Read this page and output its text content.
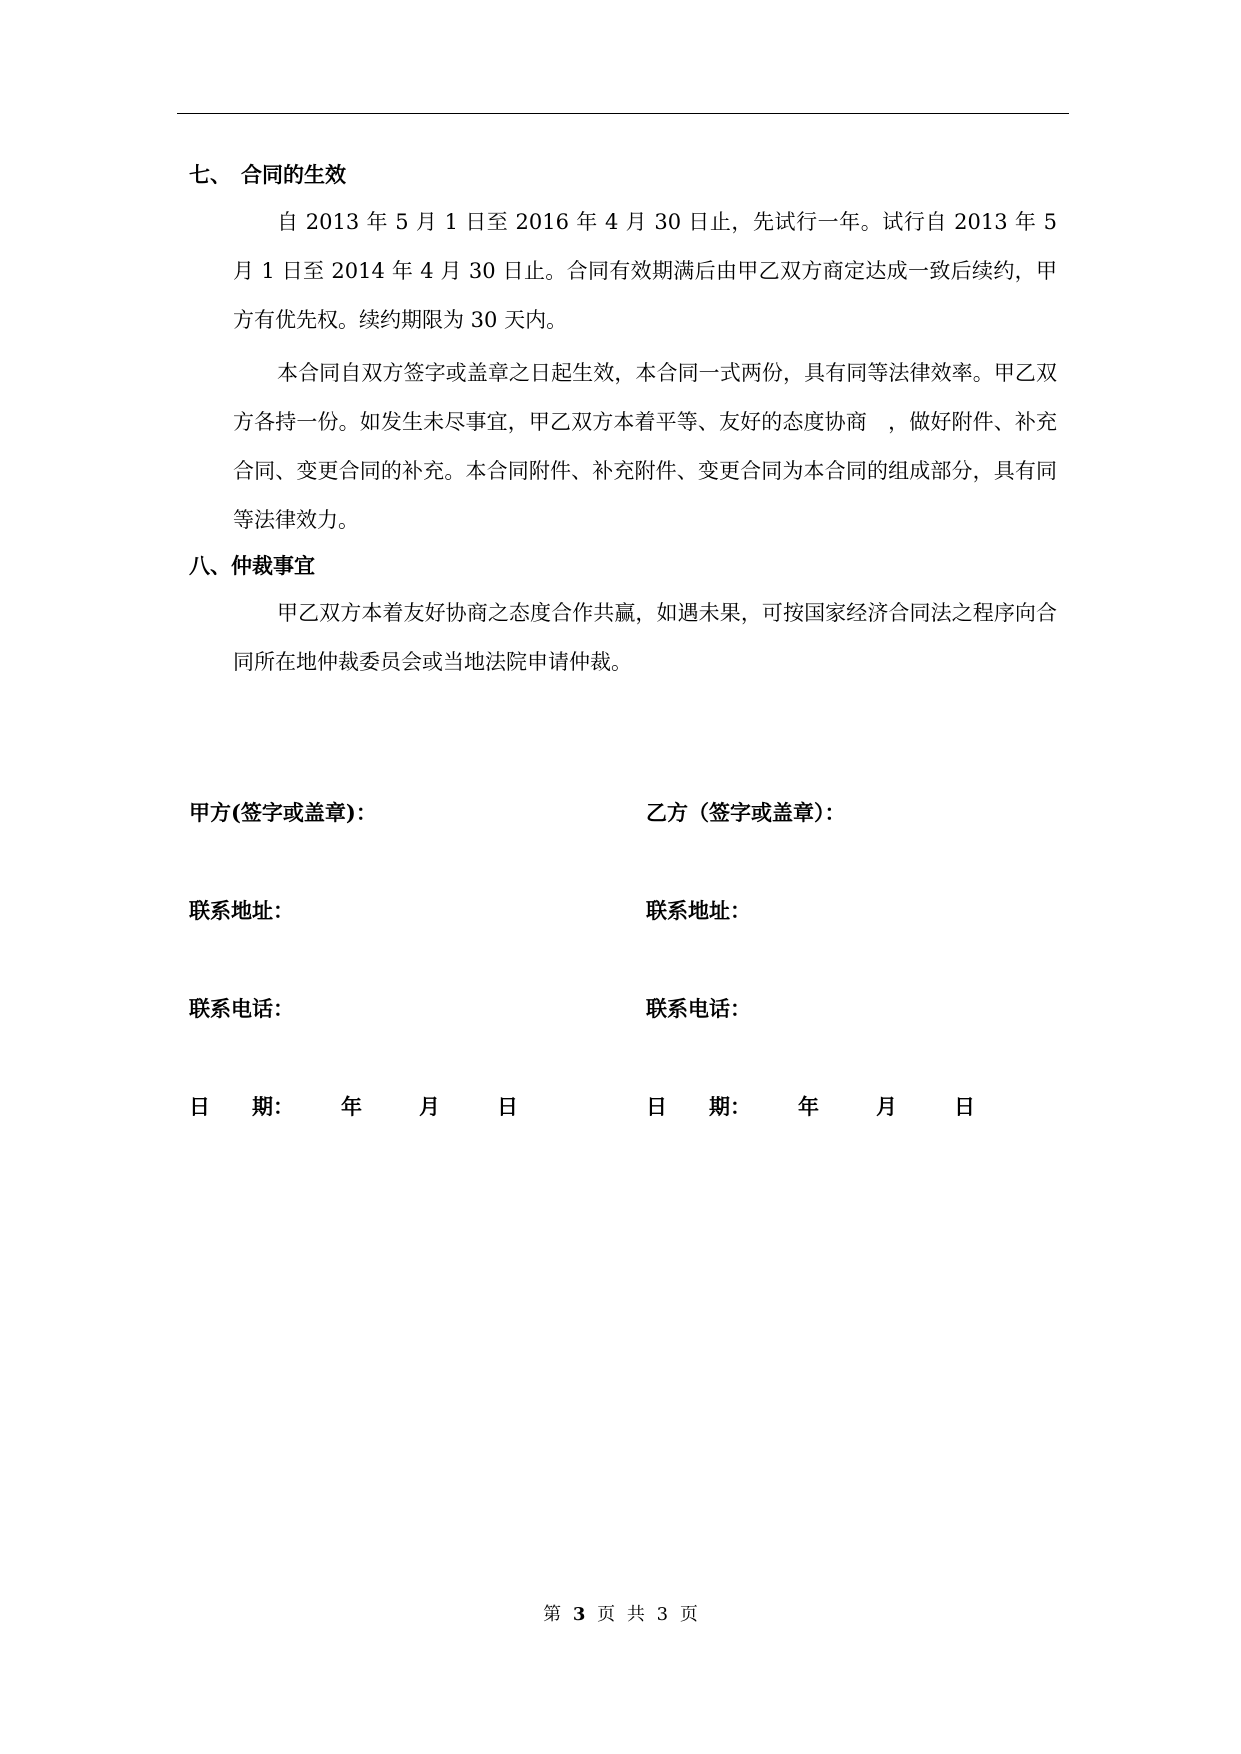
七、 合同的生效

自 2013 年 5 月 1 日至 2016 年 4 月 30 日止，先试行一年。试行自 2013 年 5 月 1 日至 2014 年 4 月 30 日止。合同有效期满后由甲乙双方商定达成一致后续约，甲方有优先权。续约期限为 30 天内。

本合同自双方签字或盖章之日起生效，本合同一式两份，具有同等法律效率。甲乙双方各持一份。如发生未尽事宜，甲乙双方本着平等、友好的态度协商　，做好附件、补充合同、变更合同的补充。本合同附件、补充附件、变更合同为本合同的组成部分，具有同等法律效力。

八、仲裁事宜

甲乙双方本着友好协商之态度合作共赢，如遇未果，可按国家经济合同法之程序向合同所在地仲裁委员会或当地法院申请仲裁。

甲方(签字或盖章)：
联系地址：
联系电话：
日　　期： 年	月	日
乙方（签字或盖章）：
联系地址：
联系电话：
日　　期： 年	月	日
第 3 页 共 3 页
